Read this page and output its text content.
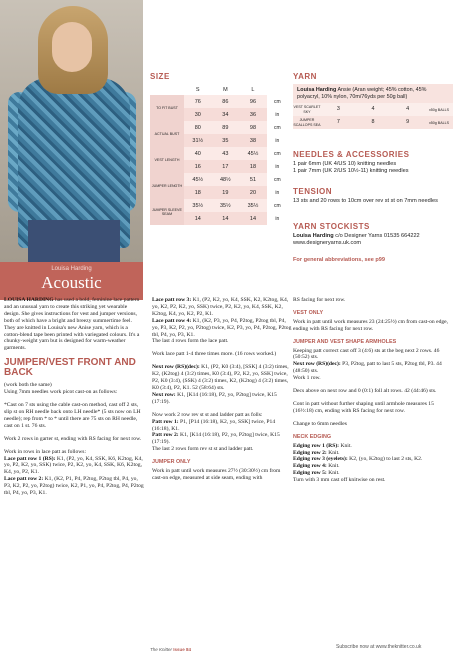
Louisa Harding
Acoustic
SIZE
	S	M	L	
TO FIT BUST	76	86	96	cm
	30	34	36	in
ACTUAL BUST	80	89	98	cm
	31½	35	38	in
VEST LENGTH	40	43	45½	cm
	16	17	18	in
JUMPER LENGTH	45½	48½	51	cm
	18	19	20	in
JUMPER SLEEVE SEAM	35½	35½	35½	cm
	14	14	14	in
YARN
Louisa Harding Ansie (Aran weight; 45% cotton, 45% polyacryl, 10% nylon, 70m/76yds per 50g ball)
VEST SCARLET SKY	3	4	4	x50g BALLS
JUMPER SCALLOPS SEA	7	8	9	x50g BALLS
NEEDLES & ACCESSORIES
1 pair 6mm (UK 4/US 10) knitting needles
1 pair 7mm (UK 2/US 10½-11) knitting needles
TENSION
13 sts and 20 rows to 10cm over rev st st on 7mm needles
YARN STOCKISTS
Louisa Harding c/o Designer Yarns 01535 664222 www.designeryarns.uk.com
For general abbreviations, see p99

LOUISA HARDING has used a bold, feminine lace pattern and an unusual yarn to create this striking yet wearable design. She gives instructions for vest and jumper versions, both of which have a bright and breezy summertime feel. They are knitted in Louisa's new Anise yarn, which is a cotton-blend tape been printed with variegated colours. It's a chunky-weight yarn but is designed for warm-weather garments.

JUMPER/VEST FRONT AND BACK
(work both the same)

Using 7mm needles work picot cast-on as follows:

*Cast on 7 sts using the cable cast-on method, cast off 2 sts, slip st on RH needle back onto LH needle* (5 sts now on LH needle); rep from * to * until there are 75 sts on RH needle, cast on 1 st. 76 sts.

Work 2 rows in garter st, ending with RS facing for next row.

Work in rows in lace patt as follows:
Lace patt row 1 (RS): K1, (P2, yo, K4, SSK, K6, K2tog, K4, yo, P2, K2, yo, SSK) twice, P2, K2, yo, K4, SSK, K6, K2tog, K4, yo, P2, K1.
Lace patt row 2: K1, (K2, P1, P4, P2tog, P2tog tbl, P4, yo, P3, K2, P2, yo, P2tog) twice, K2, P1, yo, P4, P2tog, P4, P2tog tbl, P4, yo, P3, K1.
Lace patt row 3: K1, (P2, K2, yo, K4, SSK, K2, K2tog, K4, yo, K2, P2, K2, yo, SSK) twice, P2, K2, yo, K4, SSK, K2, K2tog, K4, yo, K2, P2, K1.
Lace patt row 4: K1, (K2, P3, yo, P4, P2tog, P2tog tbl, P4, yo, P3, K2, P2, yo, P2tog) twice, K2, P3, yo, P4, P2tog, P2tog tbl, P4, yo, P3, K1.

The last 4 rows form the lace patt.

Work lace patt 1-4 three times more. (16 rows worked.)

Next row (RS)(dec): K1, (P2, K0 (3:4), [SSK] 4 (3:2) times, K2, (K2tog) 4 (3:2) times, K0 (3:4), P2, K2, yo, SSK] twice, P2, K0 (3:4), (SSK) 4 (3:2) times, K2, (K2tog) 4 (3:2) times, K0 (3:4), P2, K1. 52 (58:64) sts.

Next row: K1, [K14 (16:18), P2, yo, P2tog] twice, K15 (17:19).

Now work 2 row rev st st and ladder patt as folls:
Patt row 1: P1, [P14 (16:18), K2, yo, SSK] twice, P14 (16:18), K1.
Patt row 2: K1, [K14 (16:18), P2, yo, P2tog] twice, K15 (17:19).
The last 2 rows form rev st st and ladder patt.
JUMPER ONLY
Work in patt until work measures 27½ (30:30½) cm from cast-on edge, measured at side seam, ending with

RS facing for next row.

VEST ONLY

Work in patt until work measures 23 (24:25½) cm from cast-on edge, ending with RS facing for next row.

JUMPER AND VEST SHAPE ARMHOLES
Keeping patt correct cast off 3 (4:6) sts at the beg next 2 rows. 46 (50:52) sts.
Next row (RS)(dec): P3, P2tog, patt to last 5 sts, P2tog tbl, P3. 44 (48:50) sts.

Work 1 row.

Decs above on next row and 0 (0:1) foll alt rows. 42 (44:46) sts.

Cont in patt without further shaping until armhole measures 15 (16½:18) cm, ending with RS facing for next row.

Change to 6mm needles
NECK EDGING
Edging row 1 (RS): Knit.
Edging row 2: Knit.
Edging row 3 (eyelets): K2, (yo, K2tog) to last 2 sts, K2.
Edging row 4: Knit.
Edging row 5: Knit.
Turn with 3 mm cast off knitwise on rest.
The Knitter Issue 84	Subscribe now at www.theknitter.co.uk
